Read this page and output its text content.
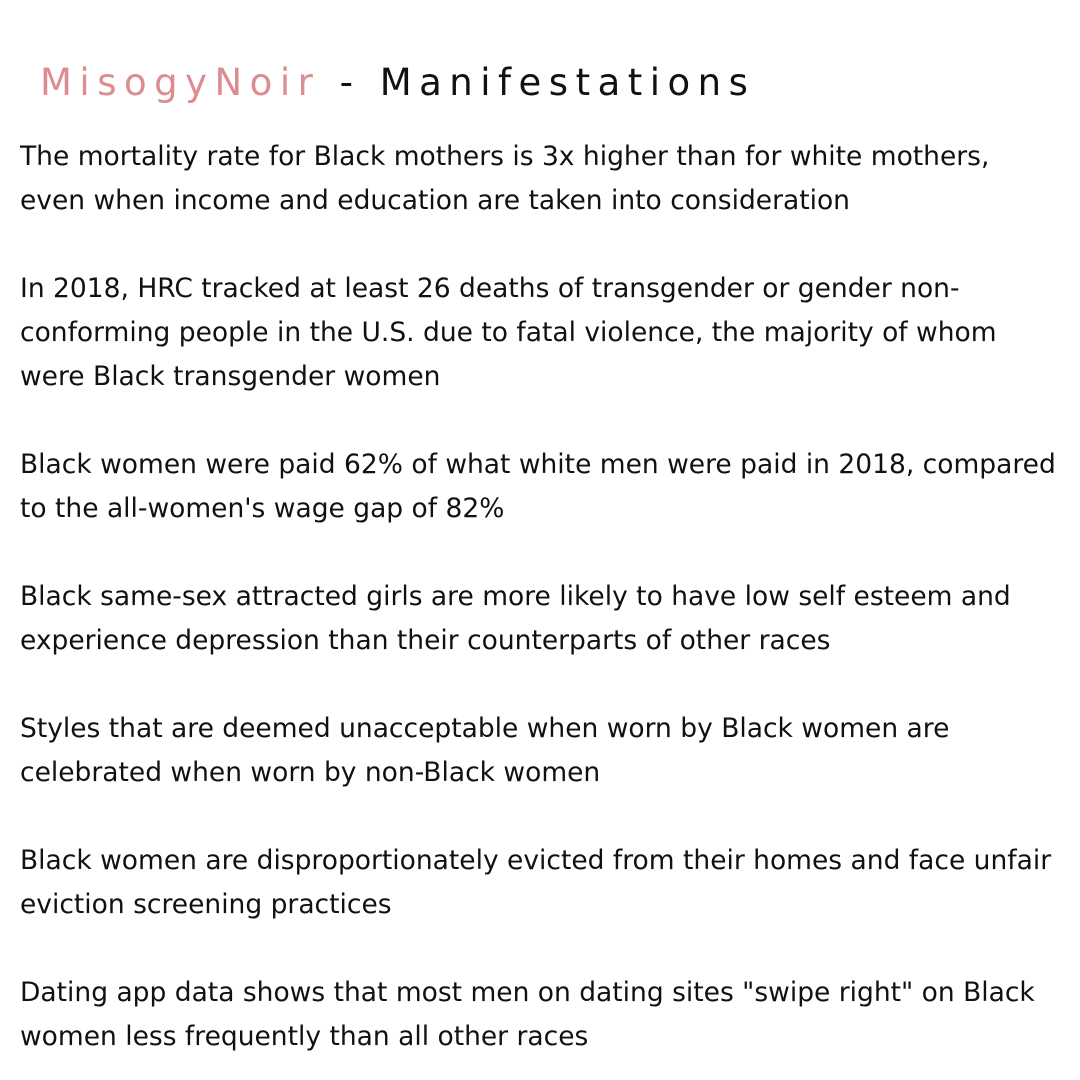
MisogyNoir - Manifestations
The mortality rate for Black mothers is 3x higher than for white mothers, even when income and education are taken into consideration
In 2018, HRC tracked at least 26 deaths of transgender or gender non-conforming people in the U.S. due to fatal violence, the majority of whom were Black transgender women
Black women were paid 62% of what white men were paid in 2018, compared to the all-women's wage gap of 82%
Black same-sex attracted girls are more likely to have low self esteem and experience depression than their counterparts of other races
Styles that are deemed unacceptable when worn by Black women are celebrated when worn by non-Black women
Black women are disproportionately evicted from their homes and face unfair eviction screening practices
Dating app data shows that most men on dating sites "swipe right" on Black women less frequently than all other races
